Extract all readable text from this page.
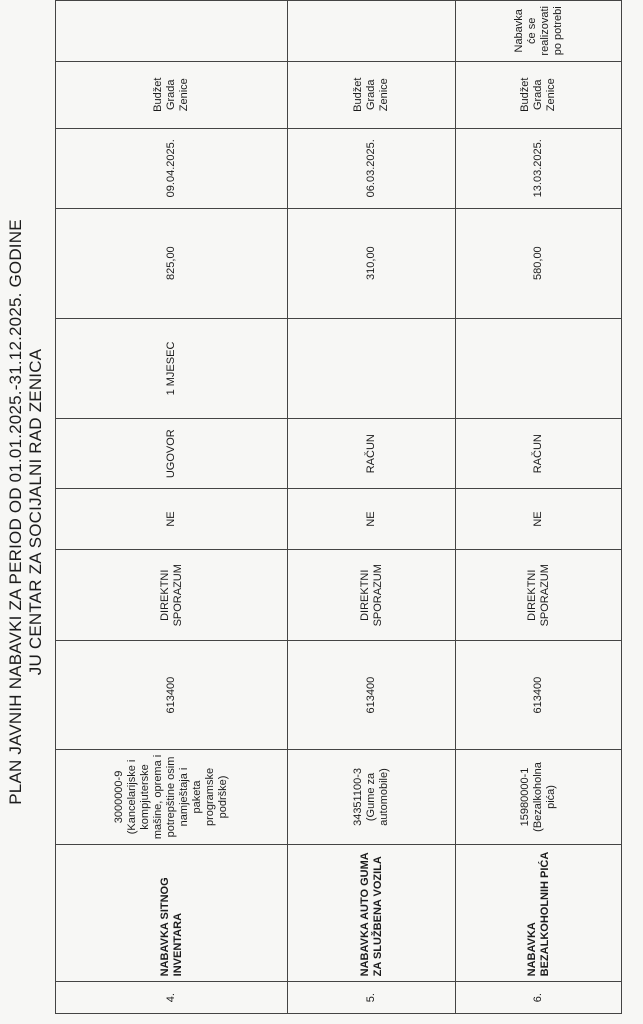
PLAN JAVNIH NABAVKI ZA PERIOD OD 01.01.2025.-31.12.2025. GODINE JU CENTAR ZA SOCIJALNI RAD ZENICA
4.	NABAVKA SITNOG INVENTARA	3000000-9 (Kancelarijske i kompjuterske mašine, oprema i potrepštine osim namještaja i paketa programske podrške)	613400	DIREKTNI SPORAZUM	NE	UGOVOR	1 MJESEC	825,00	09.04.2025.	Budžet Grada Zenice	
5.	NABAVKA AUTO GUMA ZA SLUŽBENA VOZILA	34351100-3 (Gume za automobile)	613400	DIREKTNI SPORAZUM	NE	RAČUN		310,00	06.03.2025.	Budžet Grada Zenice	
6.	NABAVKA BEZALKOHOLNIH PIĆA	15980000-1 (Bezalkoholna pića)	613400	DIREKTNI SPORAZUM	NE	RAČUN		580,00	13.03.2025.	Budžet Grada Zenice	Nabavka će se realizovati po potrebi
